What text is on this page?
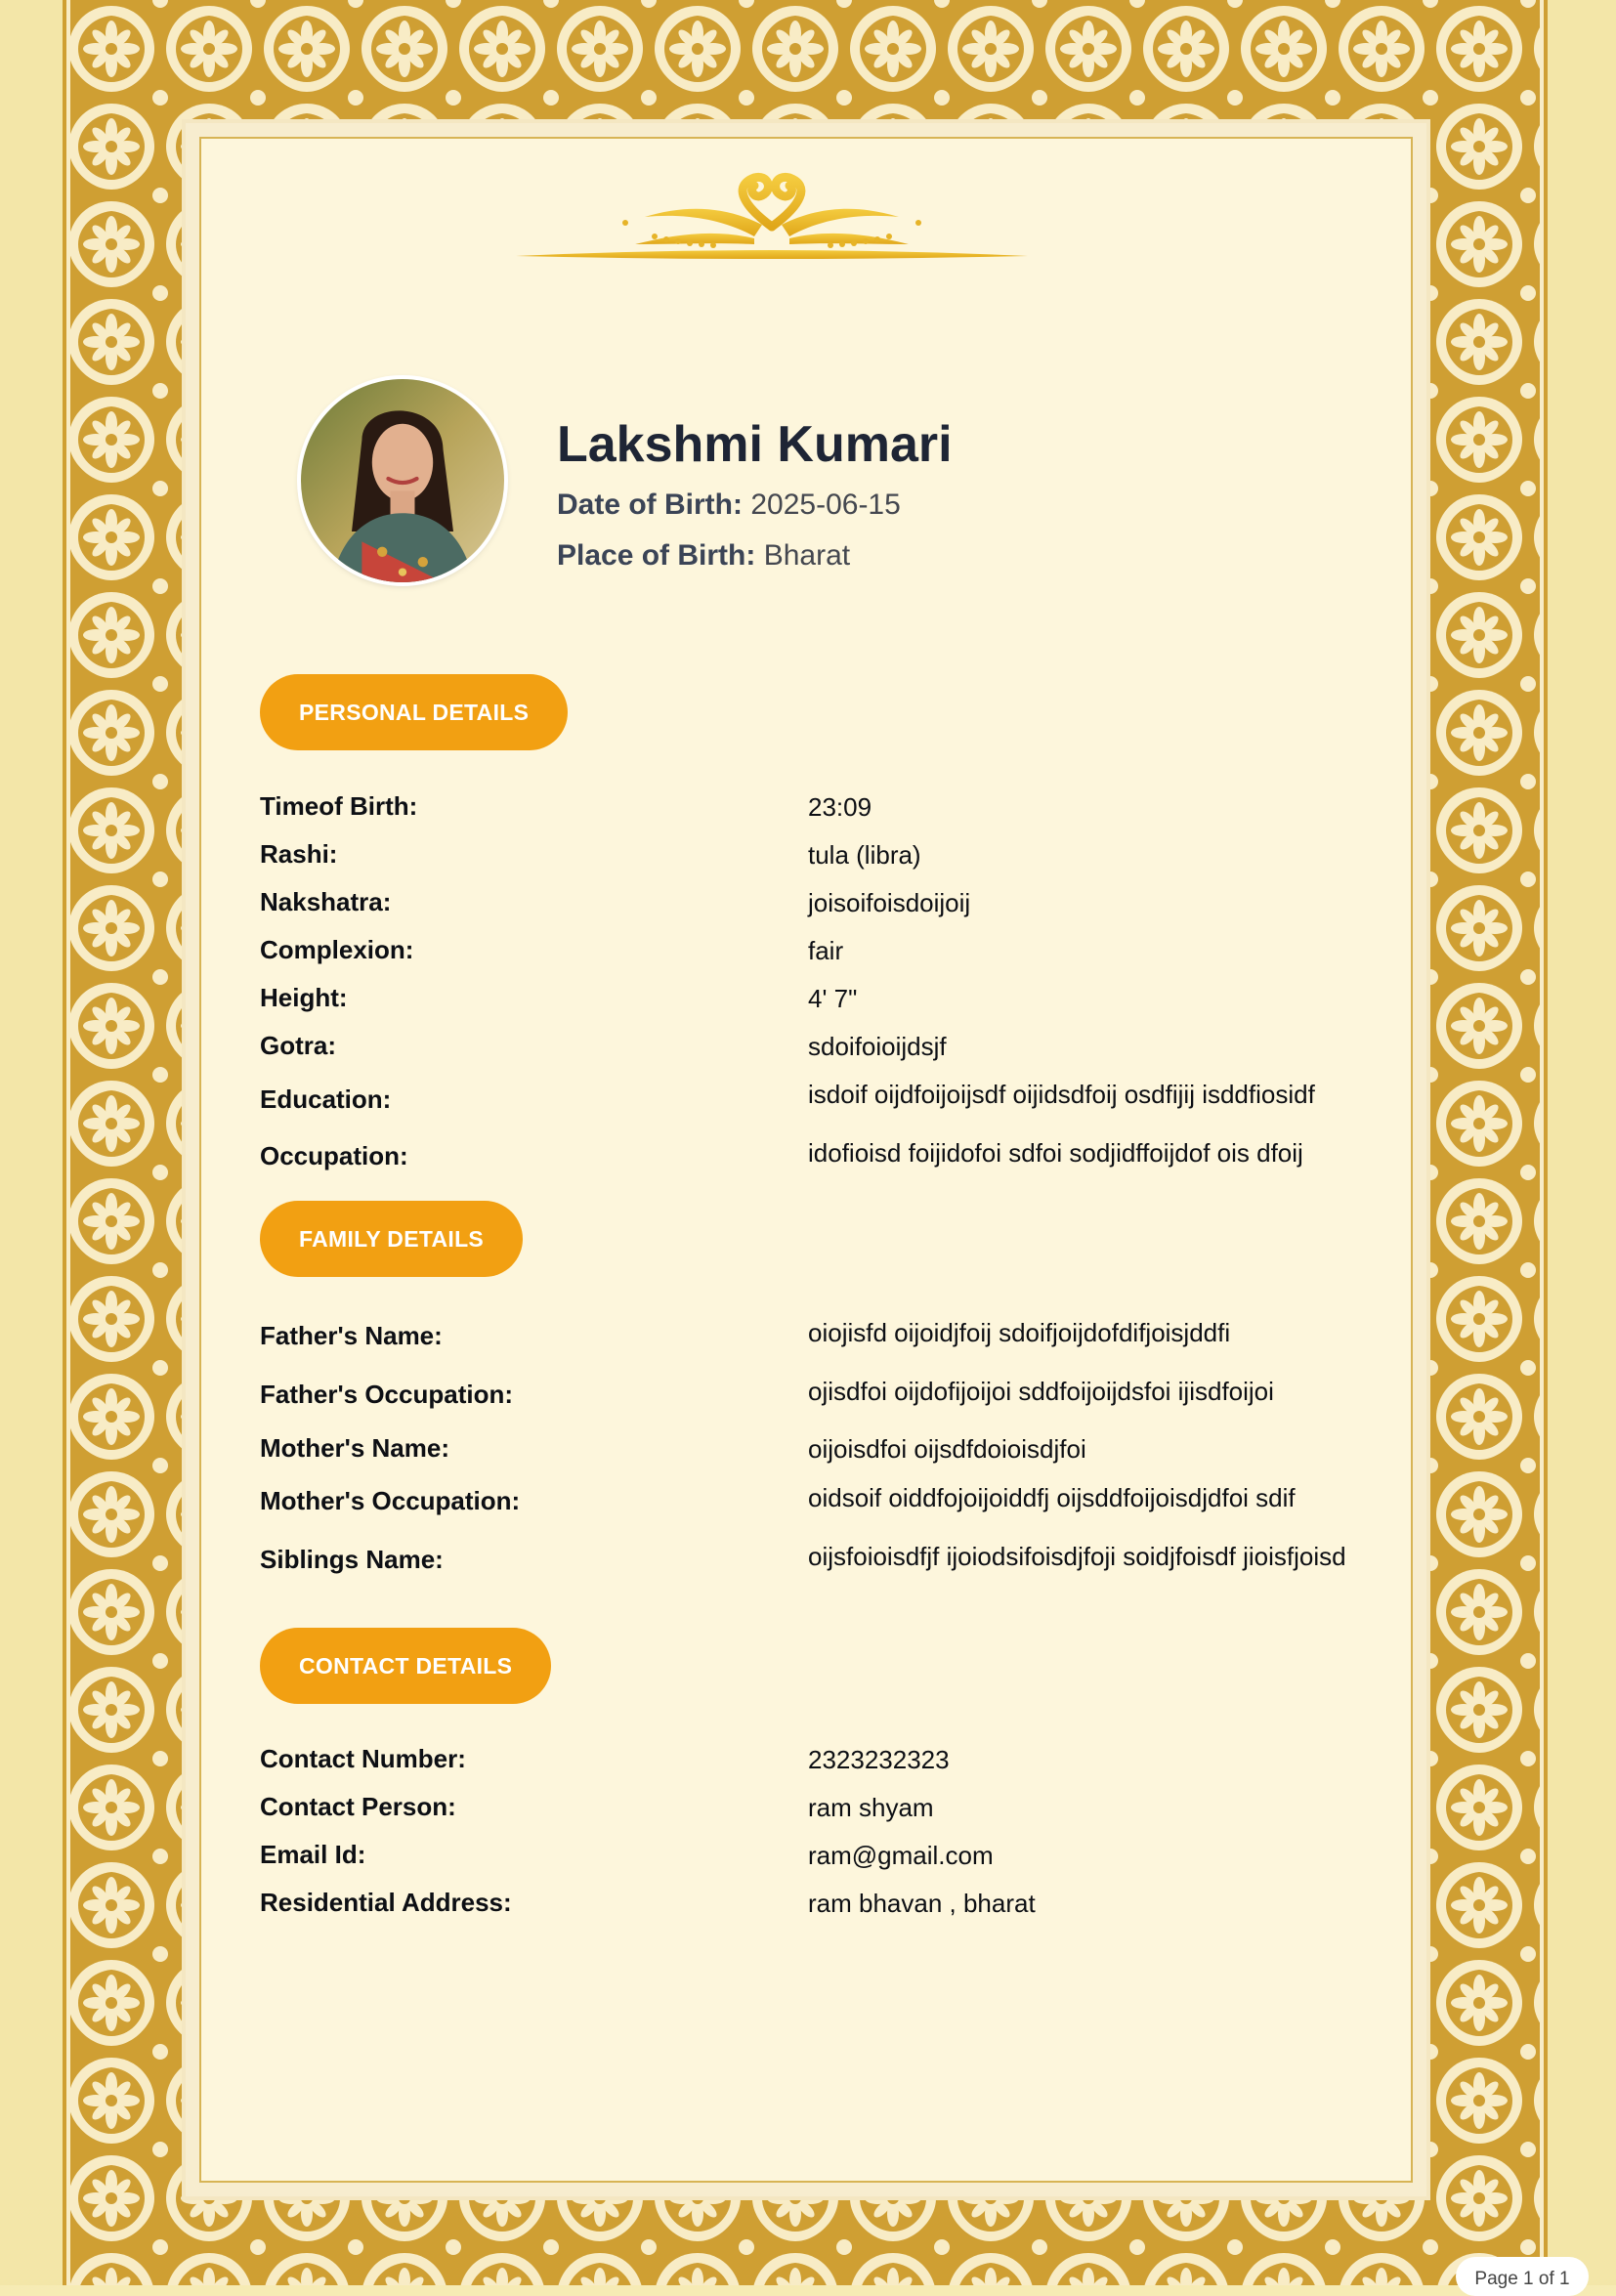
Lakshmi Kumari
Date of Birth: 2025-06-15
Place of Birth: Bharat
PERSONAL DETAILS
FAMILY DETAILS
CONTACT DETAILS
Timeof Birth:	23:09
Rashi:	tula (libra)
Nakshatra:	joisoifoisdoijoij
Complexion:	fair
Height:	4' 7"
Gotra:	sdoifoioijdsjf
Education:	isdoif oijdfoijoijsdf oijidsdfoij osdfijij isddfiosidf
Occupation:	idofioisd foijidofoi sdfoi sodjidffoijdof ois dfoij
Father's Name:	oiojisfd oijoidjfoij sdoifjoijdofdifjoisjddfi
Father's Occupation:	ojisdfoi oijdofijoijoi sddfoijoijdsfoi ijisdfoijoi
Mother's Name:	oijoisdfoi oijsdfdoioisdjfoi
Mother's Occupation:	oidsoif oiddfojoijoiddfj oijsddfoijoisdjdfoi sdif
Siblings Name:	oijsfoioisdfjf ijoiodsifoisdjfoji soidjfoisdf jioisfjoisd
Contact Number:	2323232323
Contact Person:	ram shyam
Email Id:	ram@gmail.com
Residential Address:	ram bhavan , bharat
Page 1 of 1
